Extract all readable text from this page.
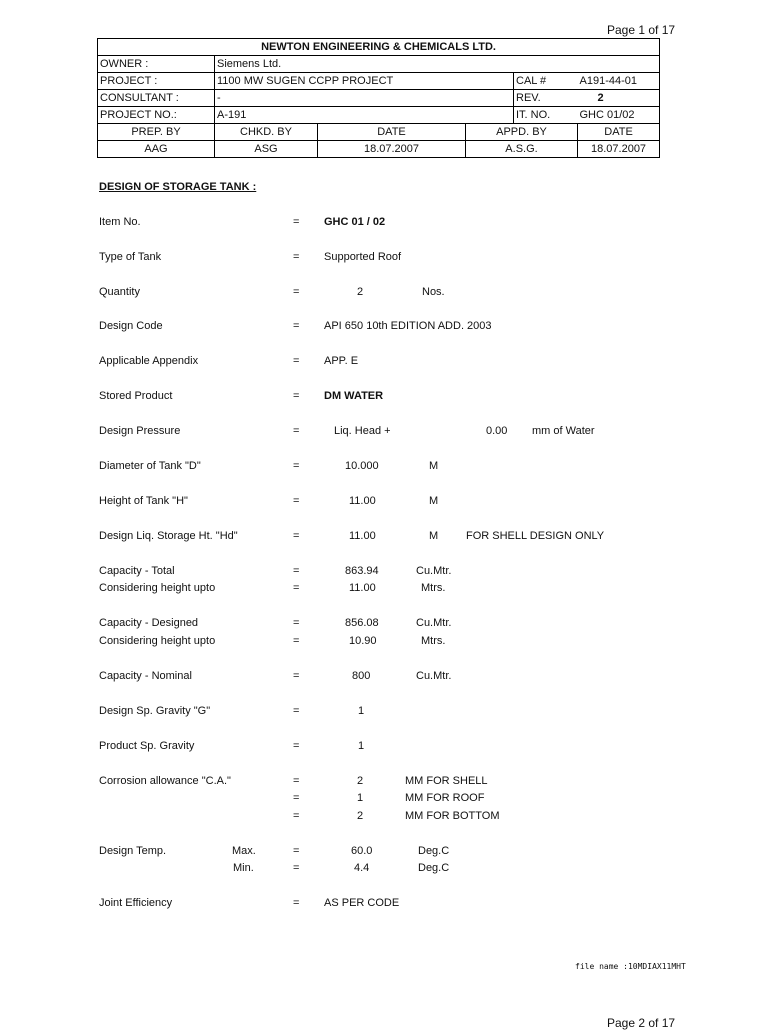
Page 1 of 17
NEWTON ENGINEERING & CHEMICALS LTD.					
OWNER :	Siemens Ltd.				
PROJECT :	1100 MW SUGEN CCPP PROJECT			CAL #	A191-44-01
CONSULTANT :	-			REV.	2
PROJECT NO.:	A-191			IT. NO.	GHC 01/02
PREP. BY	CHKD. BY	DATE	APPD. BY		DATE
AAG	ASG	18.07.2007	A.S.G.		18.07.2007
DESIGN OF STORAGE TANK :
Item No.	= GHC 01 / 02
Type of Tank	= Supported Roof
Quantity	=	2	Nos.
Design Code	= API 650 10th EDITION ADD. 2003
Applicable Appendix	= APP. E
Stored Product	= DM WATER
Design Pressure	=	Liq. Head +	0.00 mm of Water
Diameter of Tank "D"	=	10.000	M
Height of Tank "H"	=	11.00	M
Design Liq. Storage Ht. "Hd"	=	11.00	M	FOR SHELL DESIGN ONLY
Capacity - Total	=	863.94	Cu.Mtr.
Considering height upto	=	11.00	Mtrs.
Capacity - Designed	=	856.08	Cu.Mtr.
Considering height upto	=	10.90	Mtrs.
Capacity - Nominal	=	800	Cu.Mtr.
Design Sp. Gravity "G"	=	1
Product Sp. Gravity	=	1
Corrosion allowance "C.A."	=	2	MM FOR SHELL
=	1	MM FOR ROOF
=	2	MM FOR BOTTOM
Design Temp.	Max.	=	60.0	Deg.C
Min.	=	4.4	Deg.C
Joint Efficiency	= AS PER CODE
file name :10MDIAX11MHT
Page 2 of 17
